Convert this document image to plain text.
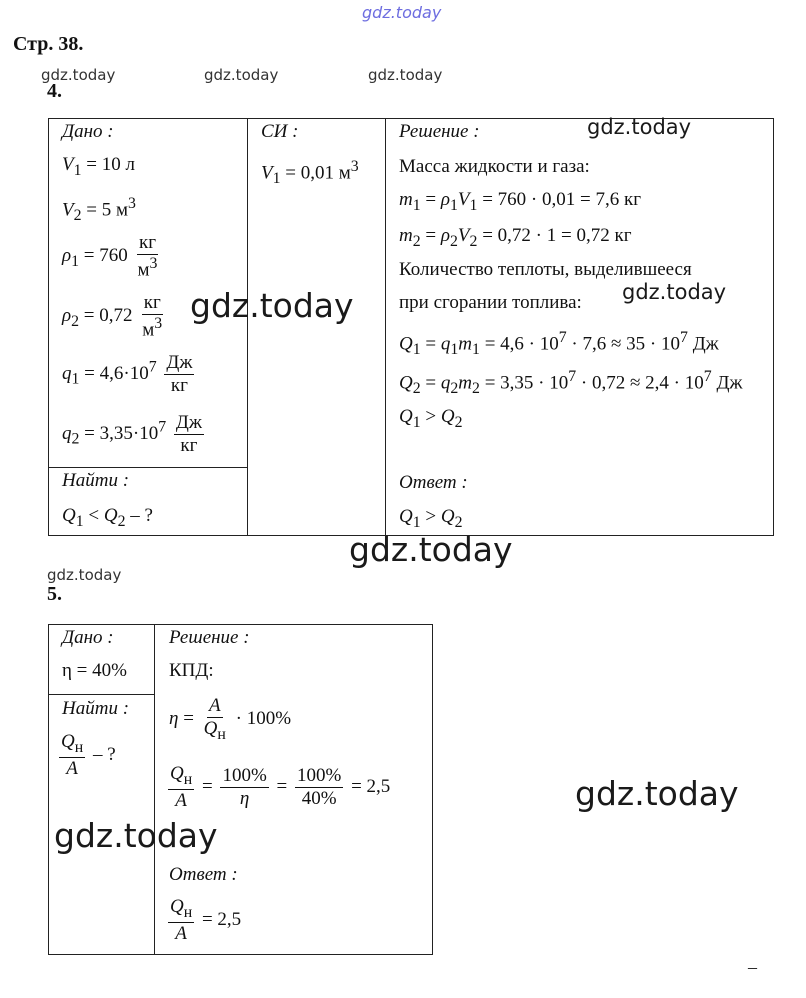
gdz.today
Стр. 38.
gdz.today	gdz.today	gdz.today
4.
Дано :
$V_1 = 10$ л
$V_2 = 5$ $м^3$
$\rho_1 = 760 \frac{кг}{м^3}$
$\rho_2 = 0,72 \frac{кг}{м^3}$
$q_1 = 4,6\cdot 10^7 \frac{Дж}{кг}$
$q_2 = 3,35\cdot 10^7 \frac{Дж}{кг}$
Найти :
$Q_1 < Q_2$ – ?
СИ :
$V_1 = 0,01$ $м^3$
Решение :
Масса жидкости и газа:
$m_1 = \rho_1V_1 = 760 \cdot 0,01 = 7,6$ кг
$m_2 = \rho_2V_2 = 0,72 \cdot 1 = 0,72$ кг
Количество теплоты, выделившееся
при сгорании топлива:
$Q_1 = q_1m_1 = 4,6 \cdot 10^7 \cdot 7,6 \approx 35 \cdot 10^7$ Дж
$Q_2 = q_2m_2 = 3,35 \cdot 10^7 \cdot 0,72 \approx 2,4 \cdot 10^7$ Дж
$Q_1 > Q_2$
Ответ :
$Q_1 > Q_2$
gdz.today
gdz.today	gdz.today
gdz.today
gdz.today
5.
Дано :
η = 40%
Найти :
$\frac{Q_н}{A}$ – ?
Решение :
КПД:
$\eta = \frac{A}{Q_н} \cdot 100\%$
$\frac{Q_н}{A} = \frac{100\%}{\eta} = \frac{100\%}{40\%} = 2,5$
Ответ :
$\frac{Q_н}{A} = 2,5$
gdz.today
gdz.today
–
